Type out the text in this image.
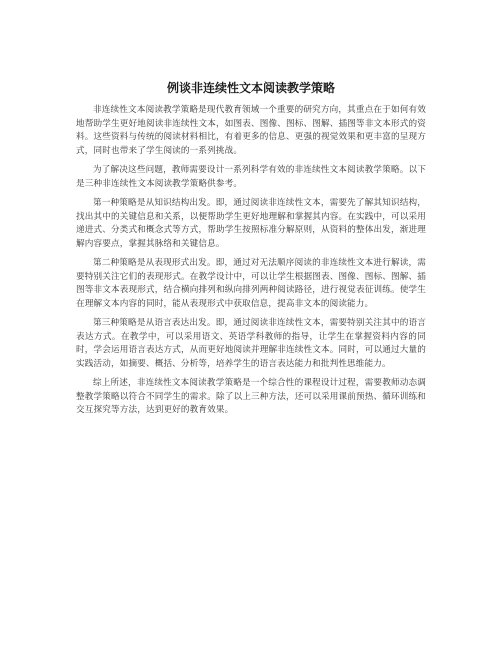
例谈非连续性文本阅读教学策略

非连续性文本阅读教学策略是现代教育领域一个重要的研究方向，其重点在于如何有效地帮助学生更好地阅读非连续性文本，如图表、图像、图标、图解、插图等非文本形式的资料。这些资料与传统的阅读材料相比，有着更多的信息、更强的视觉效果和更丰富的呈现方式，同时也带来了学生阅读的一系列挑战。

为了解决这些问题，教师需要设计一系列科学有效的非连续性文本阅读教学策略。以下是三种非连续性文本阅读教学策略供参考。

第一种策略是从知识结构出发。即，通过阅读非连续性文本，需要先了解其知识结构，找出其中的关键信息和关系，以便帮助学生更好地理解和掌握其内容。在实践中，可以采用递进式、分类式和概念式等方式，帮助学生按照标准分解原则，从资料的整体出发，渐进理解内容要点，掌握其脉络和关键信息。

第二种策略是从表现形式出发。即，通过对无法顺序阅读的非连续性文本进行解读，需要特别关注它们的表现形式。在教学设计中，可以让学生根据图表、图像、图标、图解、插图等非文本表现形式，结合横向排列和纵向排列两种阅读路径，进行视觉表征训练。使学生在理解文本内容的同时，能从表现形式中获取信息，提高非文本的阅读能力。

第三种策略是从语言表达出发。即，通过阅读非连续性文本，需要特别关注其中的语言表达方式。在教学中，可以采用语文、英语学科教师的指导，让学生在掌握资料内容的同时，学会运用语言表达方式，从而更好地阅读并理解非连续性文本。同时，可以通过大量的实践活动，如摘要、概括、分析等，培养学生的语言表达能力和批判性思维能力。

综上所述，非连续性文本阅读教学策略是一个综合性的课程设计过程，需要教师动态调整教学策略以符合不同学生的需求。除了以上三种方法，还可以采用课前预热、循环训练和交互探究等方法，达到更好的教育效果。
